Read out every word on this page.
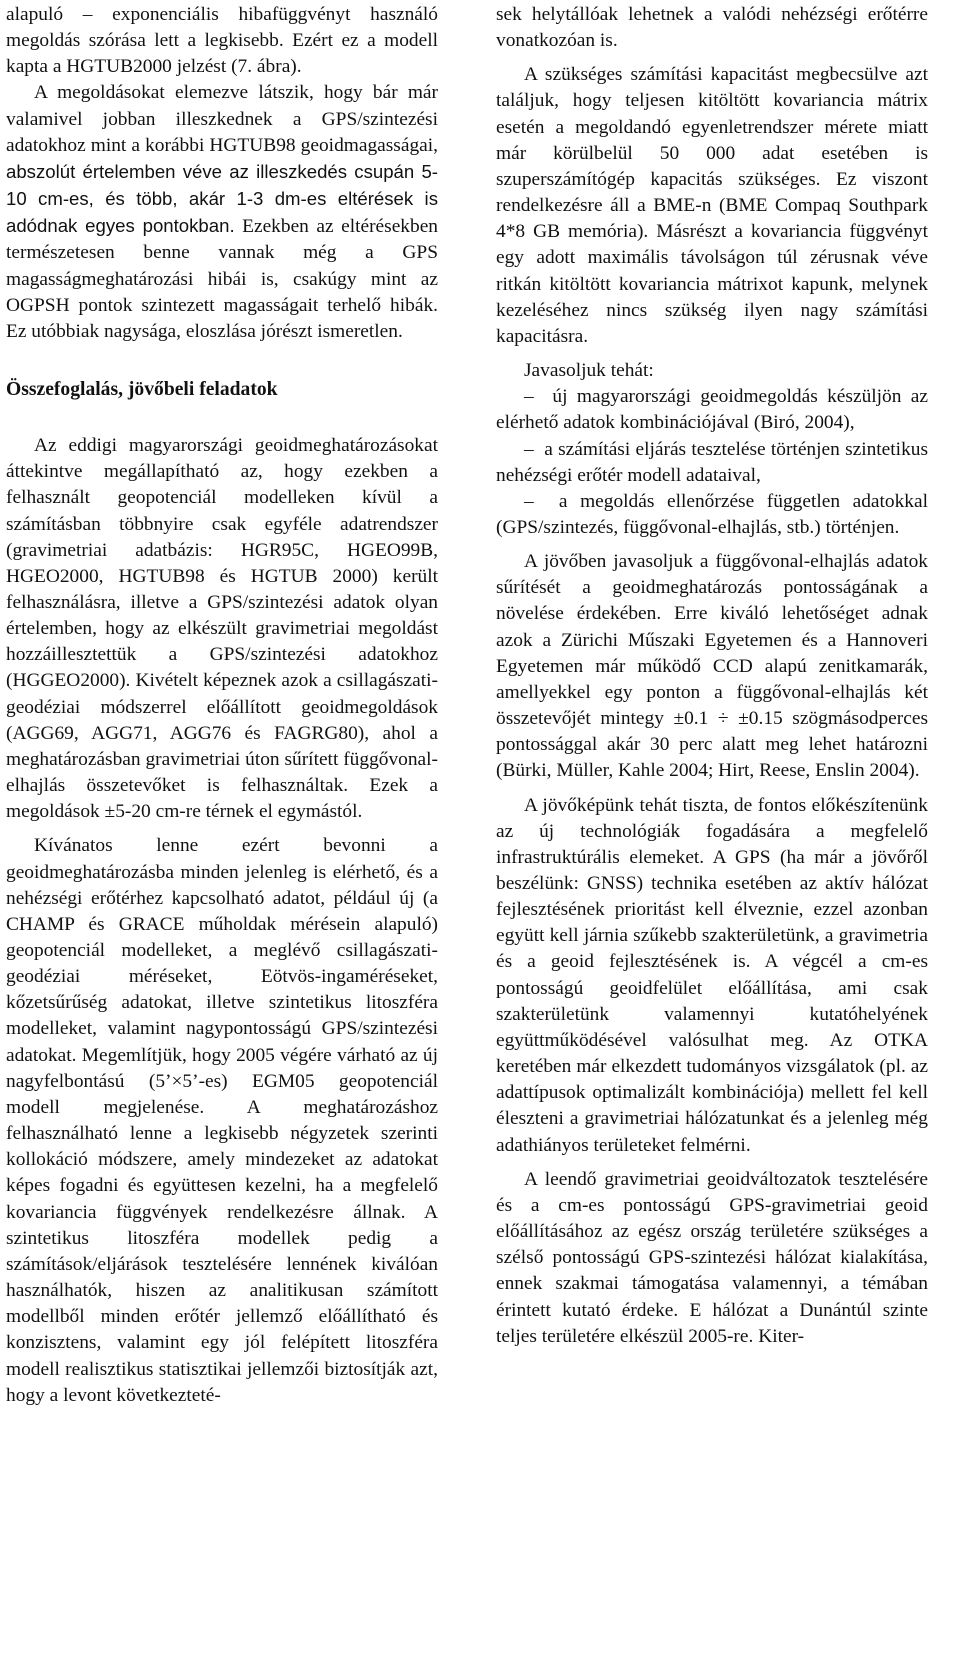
alapuló – exponenciális hibafüggvényt használó megoldás szórása lett a legkisebb. Ezért ez a modell kapta a HGTUB2000 jelzést (7. ábra).

A megoldásokat elemezve látszik, hogy bár már valamivel jobban illeszkednek a GPS/szintezési adatokhoz mint a korábbi HGTUB98 geoidmagasságai, abszolút értelemben véve az illeszkedés csupán 5-10 cm-es, és több, akár 1-3 dm-es eltérések is adódnak egyes pontokban. Ezekben az eltérésekben természetesen benne vannak még a GPS magasságmeghatározási hibái is, csakúgy mint az OGPSH pontok szintezett magasságait terhelő hibák. Ez utóbbiak nagysága, eloszlása jórészt ismeretlen.

Összefoglalás, jövőbeli feladatok

Az eddigi magyarországi geoidmeghatározásokat áttekintve megállapítható az, hogy ezekben a felhasznált geopotenciál modelleken kívül a számításban többnyire csak egyféle adatrendszer (gravimetriai adatbázis: HGR95C, HGEO99B, HGEO2000, HGTUB98 és HGTUB 2000) került felhasználásra, illetve a GPS/szintezési adatok olyan értelemben, hogy az elkészült gravimetriai megoldást hozzáillesztettük a GPS/szintezési adatokhoz (HGGEO2000). Kivételt képeznek azok a csillagászati-geodéziai módszerrel előállított geoidmegoldások (AGG69, AGG71, AGG76 és FAGRG80), ahol a meghatározásban gravimetriai úton sűrített függővonal-elhajlás összetevőket is felhasználtak. Ezek a megoldások ±5-20 cm-re térnek el egymástól.

Kívánatos lenne ezért bevonni a geoidmeghatározásba minden jelenleg is elérhető, és a nehézségi erőtérhez kapcsolható adatot, például új (a CHAMP és GRACE műholdak mérésein alapuló) geopotenciál modelleket, a meglévő csillagászati-geodéziai méréseket, Eötvös-ingaméréseket, kőzetsűrűség adatokat, illetve szintetikus litoszféra modelleket, valamint nagypontosságú GPS/szintezési adatokat. Megemlítjük, hogy 2005 végére várható az új nagyfelbontású (5’×5’-es) EGM05 geopotenciál modell megjelenése. A meghatározáshoz felhasználható lenne a legkisebb négyzetek szerinti kollokáció módszere, amely mindezeket az adatokat képes fogadni és együttesen kezelni, ha a megfelelő kovariancia függvények rendelkezésre állnak. A szintetikus litoszféra modellek pedig a számítások/eljárások tesztelésére lennének kiválóan használhatók, hiszen az analitikusan számított modellből minden erőtér jellemző előállítható és konzisztens, valamint egy jól felépített litoszféra modell realisztikus statisztikai jellemzői biztosítják azt, hogy a levont következteté-

sek helytállóak lehetnek a valódi nehézségi erőtérre vonatkozóan is.

A szükséges számítási kapacitást megbecsülve azt találjuk, hogy teljesen kitöltött kovariancia mátrix esetén a megoldandó egyenletrendszer mérete miatt már körülbelül 50 000 adat esetében is szuperszámítógép kapacitás szükséges. Ez viszont rendelkezésre áll a BME-n (BME Compaq Southpark 4*8 GB memória). Másrészt a kovariancia függvényt egy adott maximális távolságon túl zérusnak véve ritkán kitöltött kovariancia mátrixot kapunk, melynek kezeléséhez nincs szükség ilyen nagy számítási kapacitásra.

Javasoljuk tehát:

–  új magyarországi geoidmegoldás készüljön az elérhető adatok kombinációjával (Biró, 2004),
–  a számítási eljárás tesztelése történjen szintetikus nehézségi erőtér modell adataival,
–  a megoldás ellenőrzése független adatokkal (GPS/szintezés, függővonal-elhajlás, stb.) történjen.

A jövőben javasoljuk a függővonal-elhajlás adatok sűrítését a geoidmeghatározás pontosságának a növelése érdekében. Erre kiváló lehetőséget adnak azok a Zürichi Műszaki Egyetemen és a Hannoveri Egyetemen már működő CCD alapú zenitkamarák, amellyekkel egy ponton a függővonal-elhajlás két összetevőjét mintegy ±0.1 ÷ ±0.15 szögmásodperces pontossággal akár 30 perc alatt meg lehet határozni (Bürki, Müller, Kahle 2004; Hirt, Reese, Enslin 2004).

A jövőképünk tehát tiszta, de fontos előkészítenünk az új technológiák fogadására a megfelelő infrastruktúrális elemeket. A GPS (ha már a jövőről beszélünk: GNSS) technika esetében az aktív hálózat fejlesztésének prioritást kell élveznie, ezzel azonban együtt kell járnia szűkebb szakterületünk, a gravimetria és a geoid fejlesztésének is. A végcél a cm-es pontosságú geoidfelület előállítása, ami csak szakterületünk valamennyi kutatóhelyének együttműködésével valósulhat meg. Az OTKA keretében már elkezdett tudományos vizsgálatok (pl. az adattípusok optimalizált kombinációja) mellett fel kell éleszteni a gravimetriai hálózatunkat és a jelenleg még adathiányos területeket felmérni.

A leendő gravimetriai geoidváltozatok tesztelésére és a cm-es pontosságú GPS-gravimetriai geoid előállításához az egész ország területére szükséges a szélső pontosságú GPS-szintezési hálózat kialakítása, ennek szakmai támogatása valamennyi, a témában érintett kutató érdeke. E hálózat a Dunántúl szinte teljes területére elkészül 2005-re. Kiter-
